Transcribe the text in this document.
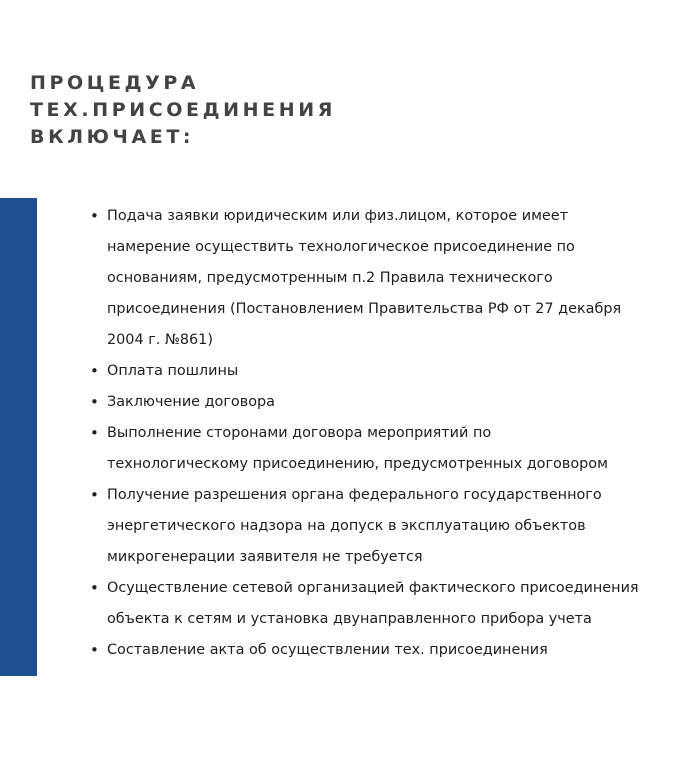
ПРОЦЕДУРА
ТЕХ.ПРИСОЕДИНЕНИЯ
ВКЛЮЧАЕТ:
• Подача заявки юридическим или физ.лицом, которое имеет
намерение осуществить технологическое присоединение по
основаниям, предусмотренным п.2 Правила технического
присоединения (Постановлением Правительства РФ от 27 декабря
2004 г. №861)
• Оплата пошлины
• Заключение договора
• Выполнение сторонами договора мероприятий по
технологическому присоединению, предусмотренных договором
• Получение разрешения органа федерального государственного
энергетического надзора на допуск в эксплуатацию объектов
микрогенерации заявителя не требуется
• Осуществление сетевой организацией фактического присоединения
объекта к сетям и установка двунаправленного прибора учета
• Составление акта об осуществлении тех. присоединения
